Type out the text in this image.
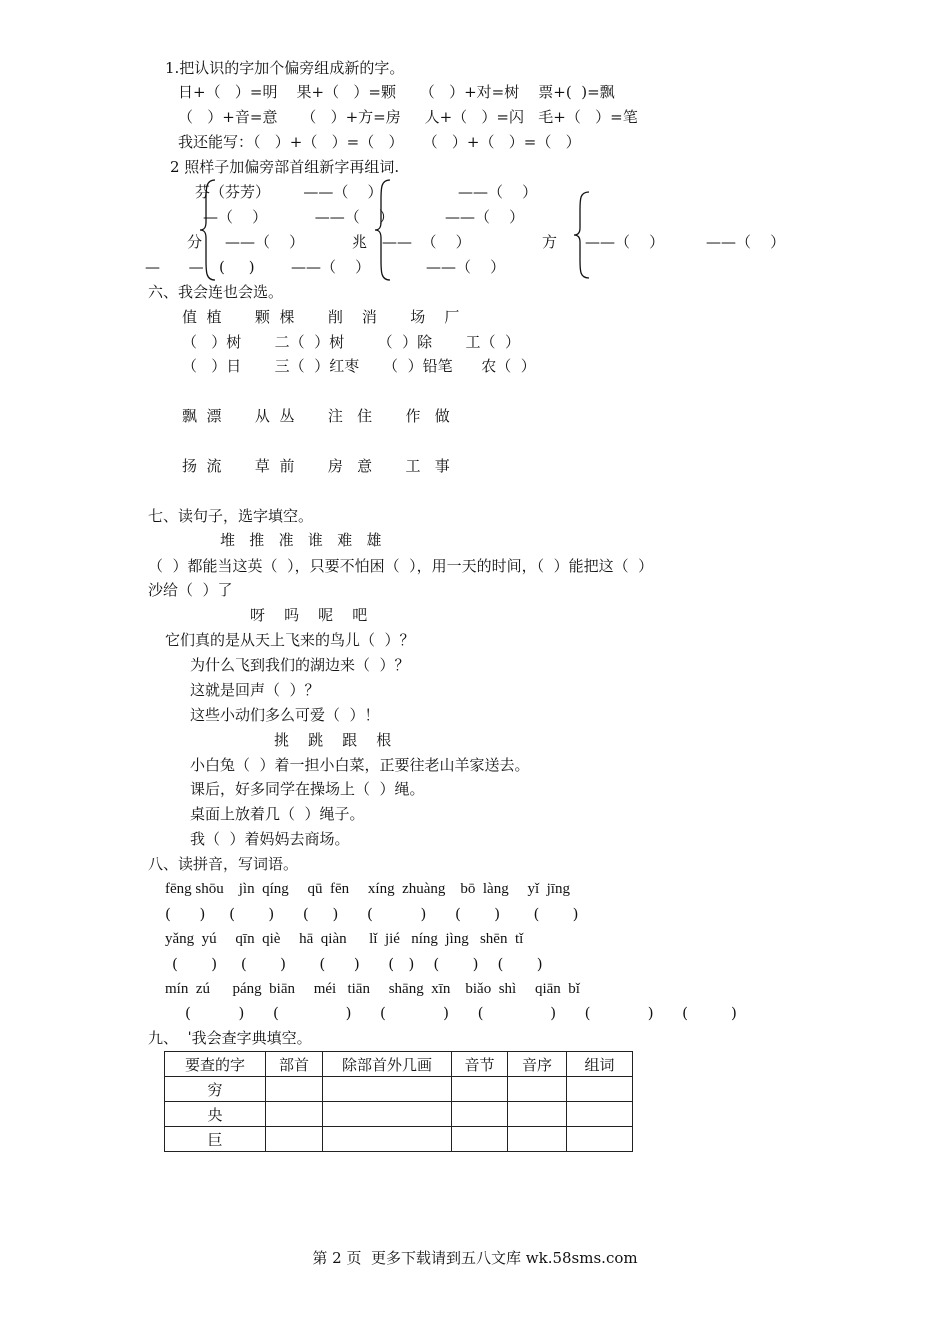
1.把认识的字加个偏旁组成新的字。
日+（   ）=明    果+（   ）=颗     （   ）+对=树    票+(  )=飘
（   ）+音=意     （   ）+方=房     人+（   ）=闪   毛+（   ）=笔
我还能写：（   ）+（   ）=（   ）    （   ）+（   ）=（   ）
2 照样子加偏旁部首组新字再组词.
芬（芬芳）       ——（    ）	——（    ）
—（    ）          ——（    ）	——（    ）
分 ——（    ）	兆 ——  （    ）	方 ——（    ）	——（    ）
—      — (     ) ——（    ）	——（    ）
六、我会连也会选。
值  植       颗  棵       削    消       场    厂
（   ）树       二（  ）树       （  ）除       工（  ）
（   ）日       三（  ）红枣     （  ）铅笔      农（  ）
飘  漂       从  丛       注   住       作   做
扬  流       草  前       房   意       工   事
七、读句子，选字填空。
堆   推   准   谁   难   雄
（  ）都能当这英（  ），只要不怕困（  ），用一天的时间，（  ）能把这（  ）
沙给（  ）了
呀    吗    呢    吧
它们真的是从天上飞来的鸟儿（  ）？
为什么飞到我们的湖边来（  ）？
这就是回声（  ）？
这些小动们多么可爱（  ）！
挑    跳    跟    根
小白兔（  ）着一担小白菜，正要往老山羊家送去。
课后，好多同学在操场上（  ）绳。
桌面上放着几（  ）绳子。
我（  ）着妈妈去商场。
八、读拼音，写词语。
fēng shōu    jìn  qíng     qū  fēn     xíng  zhuàng    bō  làng     yǐ  jīng
(      )     (       )      (     )      (          )      (       )       (       )
yǎng  yú     qīn  qiè     hā  qiàn      lǐ  jié   níng  jìng   shēn  tǐ
(       )     (       )       (      )      (   )    (       )    (       )
mín  zú      páng  biān     méi   tiān     shāng  xīn    biǎo  shì     qiān  bǐ
(          )      (              )      (            )      (              )      (            )      (         )
九、  ˈ我会查字典填空。
要查的字	部首	除部首外几画	音节	音序	组词
穷					
央					
巨					
第 2 页  更多下载请到五八文库 wk.58sms.com
